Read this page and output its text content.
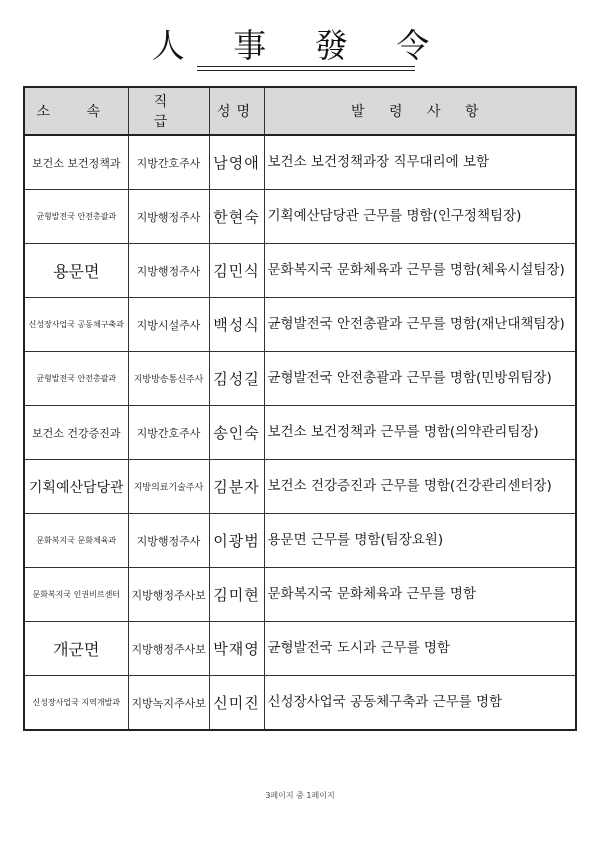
人 事 發 令
소 속	직 급	성명	발 령 사 항
보건소 보건정책과	지방간호주사	남영애	보건소 보건정책과장 직무대리에 보함
균형발전국 안전총괄과	지방행정주사	한현숙	기획예산담당관 근무를 명함(인구정책팀장)
용문면	지방행정주사	김민식	문화복지국 문화체육과 근무를 명함(체육시설팀장)
신성장사업국 공동체구축과	지방시설주사	백성식	균형발전국 안전총괄과 근무를 명함(재난대책팀장)
균형발전국 안전총괄과	지방방송통신주사	김성길	균형발전국 안전총괄과 근무를 명함(민방위팀장)
보건소 건강증진과	지방간호주사	송인숙	보건소 보건정책과 근무를 명함(의약관리팀장)
기획예산담당관	지방의료기술주사	김분자	보건소 건강증진과 근무를 명함(건강관리센터장)
문화복지국 문화체육과	지방행정주사	이광범	용문면 근무를 명함(팀장요원)
문화복지국 인권비르센터	지방행정주사보	김미현	문화복지국 문화체육과 근무를 명함
개군면	지방행정주사보	박재영	균형발전국 도시과 근무를 명함
신성장사업국 지역개발과	지방녹지주사보	신미진	신성장사업국 공동체구축과 근무를 명함
3페이지 중 1페이지
